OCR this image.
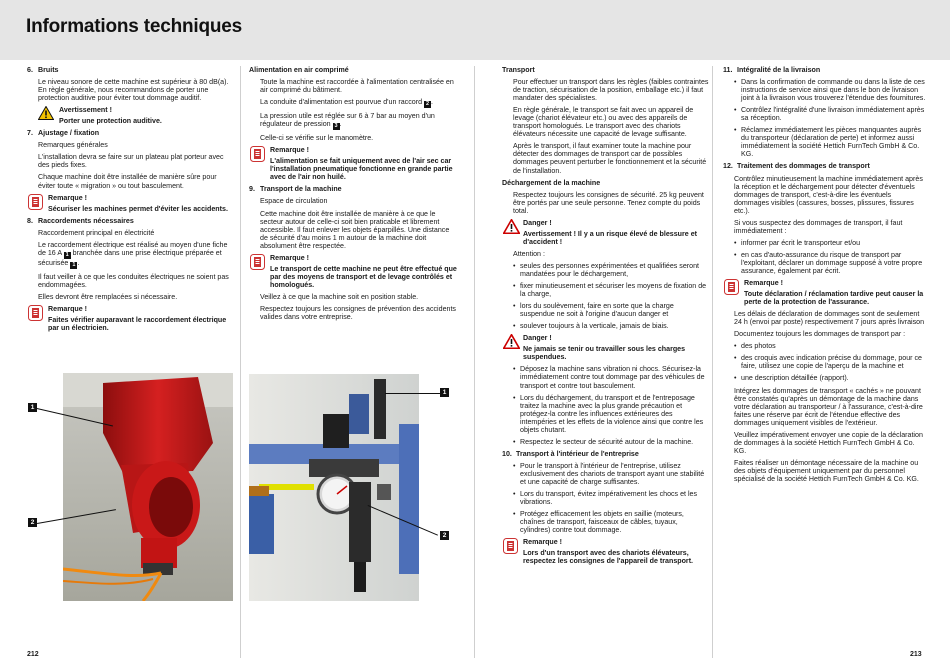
Informations techniques
6. Bruits

Le niveau sonore de cette machine est supérieur à 80 dB(a). En règle générale, nous recommandons de porter une protection auditive pour éviter tout dommage auditif.

Avertissement !

Porter une protection auditive.

7. Ajustage / fixation

Remarques générales

L'installation devra se faire sur un plateau plat porteur avec des pieds fixes.

Chaque machine doit être installée de manière sûre pour éviter toute « migration » ou tout basculement.

Remarque !

Sécuriser les machines permet d'éviter les accidents.

8. Raccordements nécessaires

Raccordement principal en électricité

Le raccordement électrique est réalisé au moyen d'une fiche de 16 A 1 branchée dans une prise électrique préparée et sécurisée 1 .

Il faut veiller à ce que les conduites électriques ne soient pas endommagées.

Elles devront être remplacées si nécessaire.

Remarque !

Faites vérifier auparavant le raccordement électrique par un électricien.

Alimentation en air comprimé

Toute la machine est raccordée à l'alimentation centralisée en air comprimé du bâtiment.

La conduite d'alimentation est pourvue d'un raccord 2 .

La pression utile est réglée sur 6 à 7 bar au moyen d'un régulateur de pression 3 .

Celle-ci se vérifie sur le manomètre.

Remarque !

L'alimentation se fait uniquement avec de l'air sec car l'installation pneumatique fonctionne en grande partie avec de l'air non huilé.

9. Transport de la machine

Espace de circulation

Cette machine doit être installée de manière à ce que le secteur autour de celle-ci soit bien praticable et librement accessible. Il faut enlever les objets éparpillés. Une distance de sécurité d'au moins 1 m autour de la machine doit absolument être respectée.

Remarque !

Le transport de cette machine ne peut être effectué que par des moyens de transport et de levage contrôlés et homologués.

Veillez à ce que la machine soit en position stable.

Respectez toujours les consignes de prévention des accidents valides dans votre entreprise.

Transport

Pour effectuer un transport dans les règles (faibles contraintes de traction, sécurisation de la position, emballage etc.) il faut mandater des spécialistes.

En règle générale, le transport se fait avec un appareil de levage (chariot élévateur etc.) ou avec des appareils de transport homologués. Le transport avec des chariots élévateurs nécessite une capacité de levage suffisante.

Après le transport, il faut examiner toute la machine pour détecter des dommages de transport car de possibles dommages peuvent perturber le fonctionnement et la sécurité de l'installation.

Déchargement de la machine

Respectez toujours les consignes de sécurité. 25 kg peuvent être portés par une seule personne. Tenez compte du poids total.

Danger !

Avertissement ! Il y a un risque élevé de blessure et d'accident !

Attention :

• seules des personnes expérimentées et qualifiées seront mandatées pour le déchargement,
• fixer minutieusement et sécuriser les moyens de fixation de la charge,
• lors du soulèvement, faire en sorte que la charge suspendue ne soit à l'origine d'aucun danger et
• soulever toujours à la verticale, jamais de biais.

Danger !

Ne jamais se tenir ou travailler sous les charges suspendues.

• Déposez la machine sans vibration ni chocs. Sécurisez-la immédiatement contre tout dommage par des véhicules de transport et contre tout basculement.
• Lors du déchargement, du transport et de l'entreposage traitez la machine avec la plus grande précaution et protégez-la contre les influences extérieures des intempéries et les effets de la violence ainsi que contre les objets chutant.
• Respectez le secteur de sécurité autour de la machine.
10. Transport à l'intérieur de l'entreprise
• Pour le transport à l'intérieur de l'entreprise, utilisez exclusivement des chariots de transport ayant une stabilité et une capacité de charge suffisantes.
• Lors du transport, évitez impérativement les chocs et les vibrations.
• Protégez efficacement les objets en saillie (moteurs, chaînes de transport, faisceaux de câbles, tuyaux, cylindres) contre tout dommage.

Remarque !

Lors d'un transport avec des chariots élévateurs, respectez les consignes de l'appareil de transport.

11. Intégralité de la livraison
• Dans la confirmation de commande ou dans la liste de ces instructions de service ainsi que dans le bon de livraison joint à la livraison vous trouverez l'étendue des fournitures.
• Contrôlez l'intégralité d'une livraison immédiatement après sa réception.
• Réclamez immédiatement les pièces manquantes auprès du transporteur (déclaration de perte) et informez aussi immédiatement la société Hettich FurnTech GmbH & Co. KG.
12. Traitement des dommages de transport

Contrôlez minutieusement la machine immédiatement après la réception et le déchargement pour détecter d'éventuels dommages de transport, c'est-à-dire les éventuels dommages visibles (cassures, bosses, plissures, fissures etc.).

Si vous suspectez des dommages de transport, il faut immédiatement :

• informer par écrit le transporteur et/ou
• en cas d'auto-assurance du risque de transport par l'exploitant, déclarer un dommage supposé à votre propre assurance, également par écrit.

Remarque !

Toute déclaration / réclamation tardive peut causer la perte de la protection de l'assurance.

Les délais de déclaration de dommages sont de seulement 24 h (envoi par poste) respectivement 7 jours après livraison

Documentez toujours les dommages de transport par :

• des photos
• des croquis avec indication précise du dommage, pour ce faire, utilisez une copie de l'aperçu de la machine et
• une description détaillée (rapport).

Intégrez les dommages de transport « cachés » ne pouvant être constatés qu'après un démontage de la machine dans votre déclaration au transporteur / à l'assurance, c'est-à-dire faites une réserve par écrit de l'étendue effective des dommages uniquement visibles de l'extérieur.

Veuillez impérativement envoyer une copie de la déclaration de dommages à la société Hettich FurnTech GmbH & Co. KG.

Faites réaliser un démontage nécessaire de la machine ou des objets d'équipement uniquement par du personnel spécialisé de la société Hettich FurnTech GmbH & Co. KG.

1
2
1
2
212	213
